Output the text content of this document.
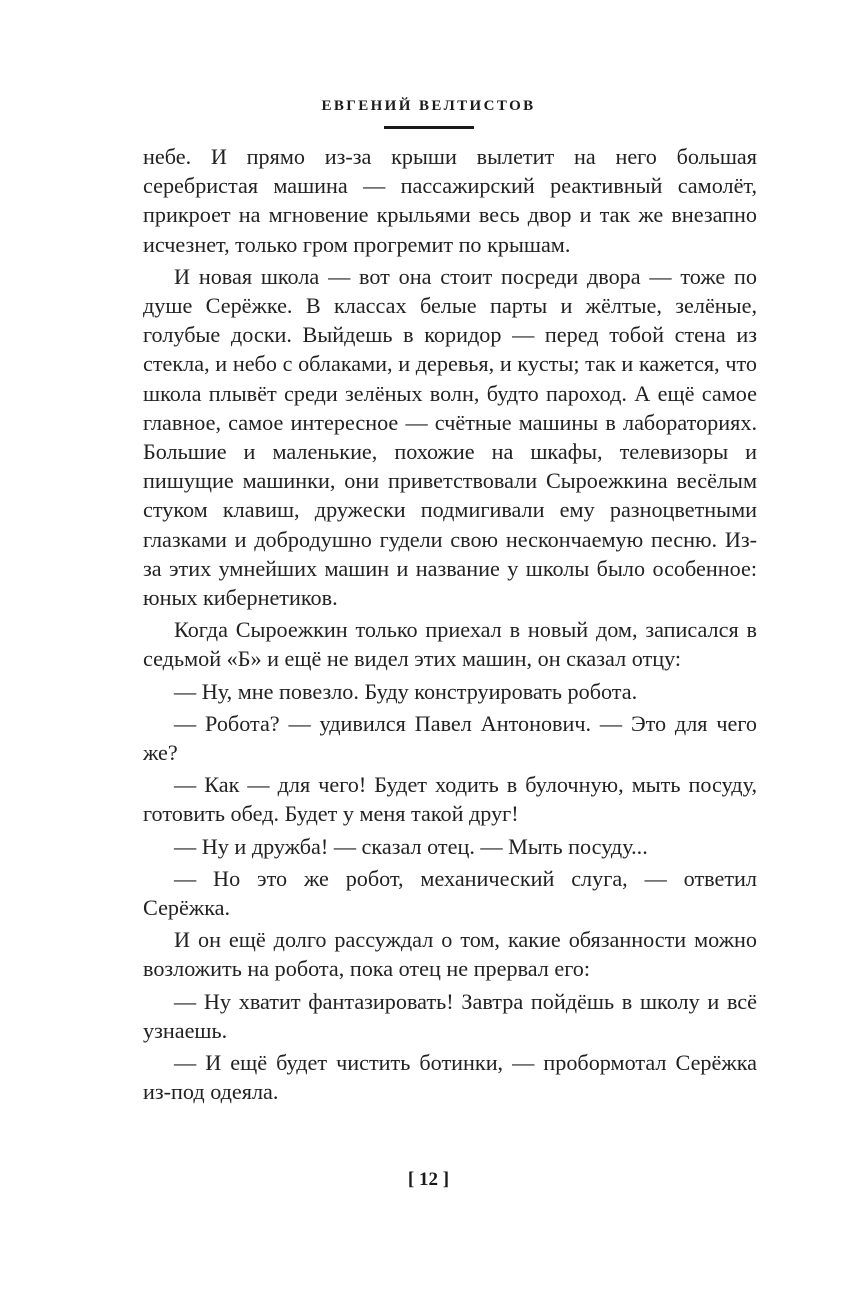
ЕВГЕНИЙ ВЕЛТИСТОВ

небе. И прямо из-за крыши вылетит на него большая серебристая машина — пассажирский реактивный самолёт, прикроет на мгновение крыльями весь двор и так же внезапно исчезнет, только гром прогремит по крышам.

И новая школа — вот она стоит посреди двора — тоже по душе Серёжке. В классах белые парты и жёлтые, зелёные, голубые доски. Выйдешь в коридор — перед тобой стена из стекла, и небо с облаками, и деревья, и кусты; так и кажется, что школа плывёт среди зелёных волн, будто пароход. А ещё самое главное, самое интересное — счётные машины в лабораториях. Большие и маленькие, похожие на шкафы, телевизоры и пишущие машинки, они приветствовали Сыроежкина весёлым стуком клавиш, дружески подмигивали ему разноцветными глазками и добродушно гудели свою нескончаемую песню. Из-за этих умнейших машин и название у школы было особенное: юных кибернетиков.

Когда Сыроежкин только приехал в новый дом, записался в седьмой «Б» и ещё не видел этих машин, он сказал отцу:

— Ну, мне повезло. Буду конструировать робота.

— Робота? — удивился Павел Антонович. — Это для чего же?

— Как — для чего! Будет ходить в булочную, мыть посуду, готовить обед. Будет у меня такой друг!

— Ну и дружба! — сказал отец. — Мыть посуду...

— Но это же робот, механический слуга, — ответил Серёжка.

И он ещё долго рассуждал о том, какие обязанности можно возложить на робота, пока отец не прервал его:

— Ну хватит фантазировать! Завтра пойдёшь в школу и всё узнаешь.

— И ещё будет чистить ботинки, — пробормотал Серёжка из-под одеяла.

[ 12 ]
